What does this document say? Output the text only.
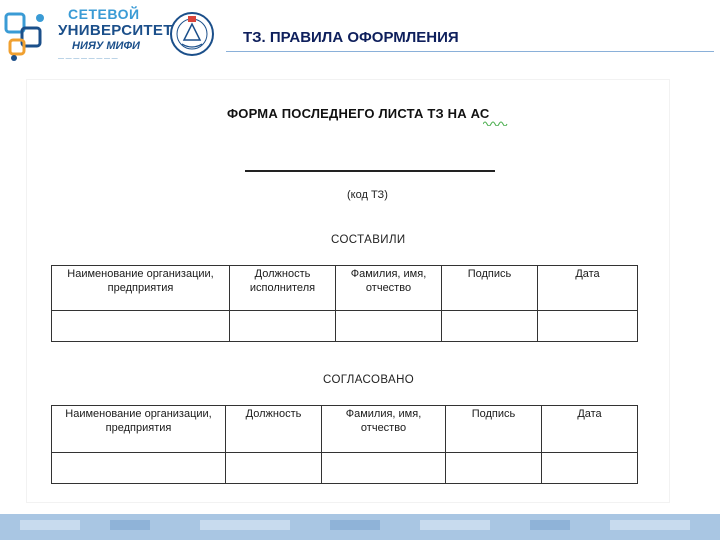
СЕТЕВОЙ
УНИВЕРСИТЕТ
НИЯУ МИФИ
— — — — — — — —
ТЗ. ПРАВИЛА ОФОРМЛЕНИЯ
ФОРМА ПОСЛЕДНЕГО ЛИСТА ТЗ НА АС
(код ТЗ)
СОСТАВИЛИ
Наименование организации, предприятия	Должность исполнителя	Фамилия, имя, отчество	Подпись	Дата

СОГЛАСОВАНО
Наименование организации, предприятия	Должность	Фамилия, имя, отчество	Подпись	Дата
